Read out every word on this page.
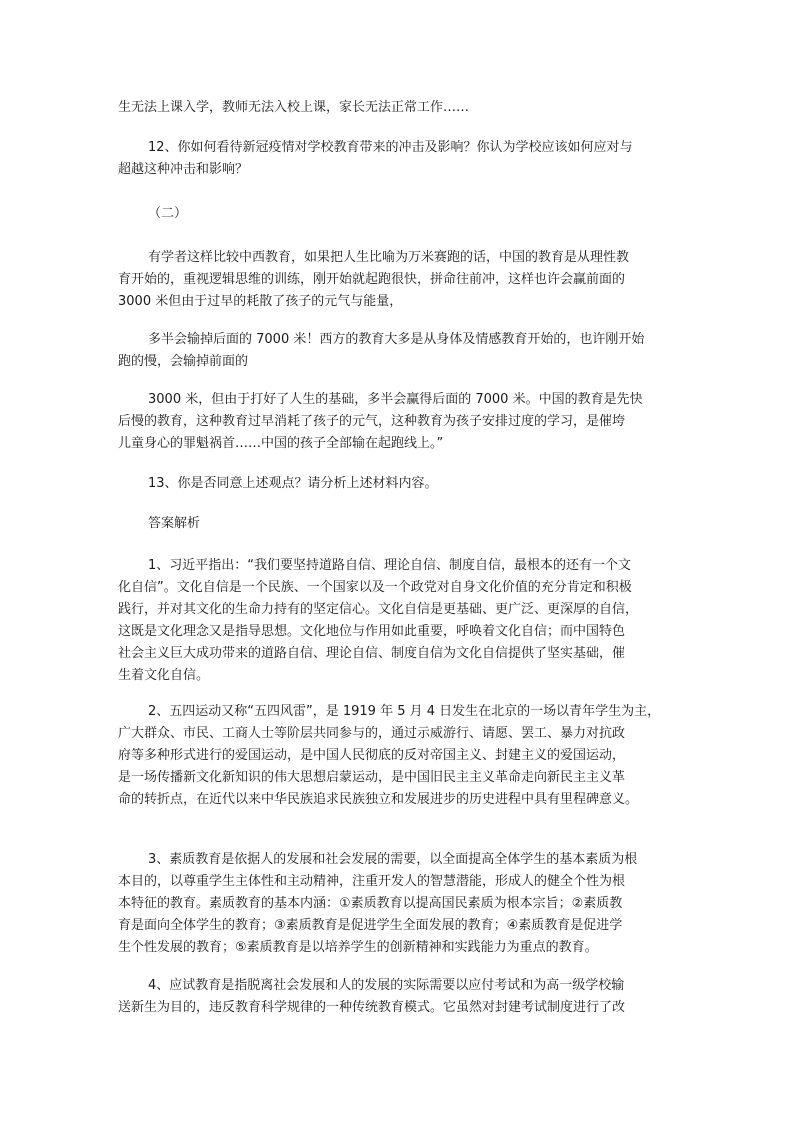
生无法上课入学，教师无法入校上课，家长无法正常工作……
12、你如何看待新冠疫情对学校教育带来的冲击及影响？你认为学校应该如何应对与
超越这种冲击和影响？
（二）
有学者这样比较中西教育，如果把人生比喻为万米赛跑的话，中国的教育是从理性教
育开始的，重视逻辑思维的训练，刚开始就起跑很快，拼命往前冲，这样也许会赢前面的
3000 米但由于过早的耗散了孩子的元气与能量，
多半会输掉后面的 7000 米！西方的教育大多是从身体及情感教育开始的，也许刚开始
跑的慢，会输掉前面的
3000 米，但由于打好了人生的基础，多半会赢得后面的 7000 米。中国的教育是先快
后慢的教育，这种教育过早消耗了孩子的元气，这种教育为孩子安排过度的学习，是催垮
儿童身心的罪魁祸首……中国的孩子全部输在起跑线上。”
13、你是否同意上述观点？请分析上述材料内容。
答案解析
1、习近平指出：“我们要坚持道路自信、理论自信、制度自信，最根本的还有一个文
化自信”。文化自信是一个民族、一个国家以及一个政党对自身文化价值的充分肯定和积极
践行，并对其文化的生命力持有的坚定信心。文化自信是更基础、更广泛、更深厚的自信，
这既是文化理念又是指导思想。文化地位与作用如此重要，呼唤着文化自信；而中国特色
社会主义巨大成功带来的道路自信、理论自信、制度自信为文化自信提供了坚实基础，催
生着文化自信。
2、五四运动又称“五四风雷”，是 1919 年 5 月 4 日发生在北京的一场以青年学生为主，
广大群众、市民、工商人士等阶层共同参与的，通过示威游行、请愿、罢工、暴力对抗政
府等多种形式进行的爱国运动，是中国人民彻底的反对帝国主义、封建主义的爱国运动，
是一场传播新文化新知识的伟大思想启蒙运动，是中国旧民主主义革命走向新民主主义革
命的转折点，在近代以来中华民族追求民族独立和发展进步的历史进程中具有里程碑意义。
3、素质教育是依据人的发展和社会发展的需要，以全面提高全体学生的基本素质为根
本目的，以尊重学生主体性和主动精神，注重开发人的智慧潜能，形成人的健全个性为根
本特征的教育。素质教育的基本内涵：①素质教育以提高国民素质为根本宗旨；②素质教
育是面向全体学生的教育；③素质教育是促进学生全面发展的教育；④素质教育是促进学
生个性发展的教育；⑤素质教育是以培养学生的创新精神和实践能力为重点的教育。
4、应试教育是指脱离社会发展和人的发展的实际需要以应付考试和为高一级学校输
送新生为目的，违反教育科学规律的一种传统教育模式。它虽然对封建考试制度进行了改
